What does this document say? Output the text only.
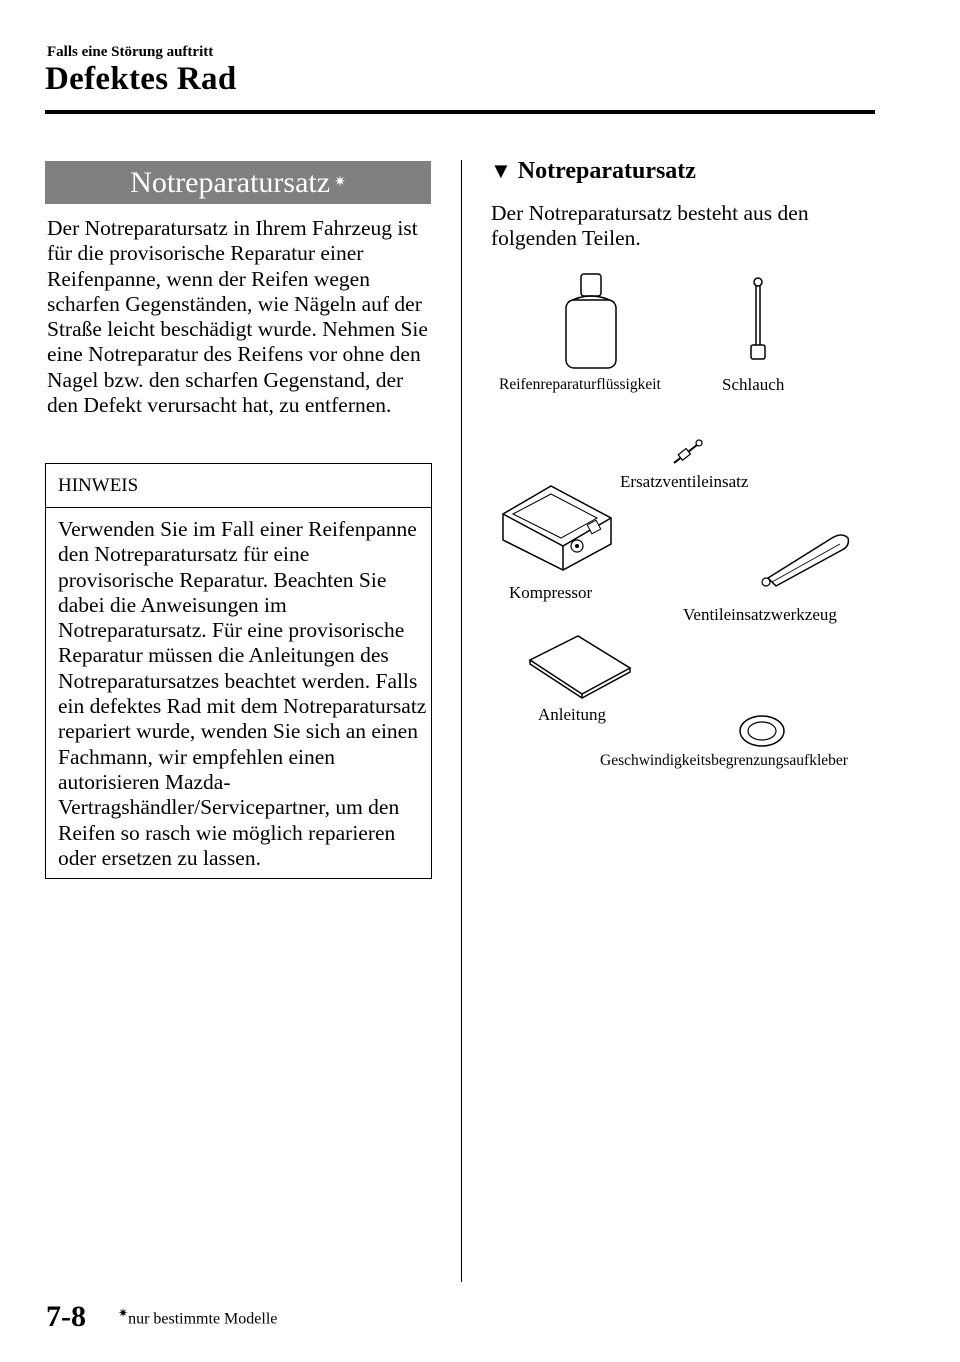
Falls eine Störung auftritt
Defektes Rad
Notreparatursatz ✷
Der Notreparatursatz in Ihrem Fahrzeug ist für die provisorische Reparatur einer Reifenpanne, wenn der Reifen wegen scharfen Gegenständen, wie Nägeln auf der Straße leicht beschädigt wurde. Nehmen Sie eine Notreparatur des Reifens vor ohne den Nagel bzw. den scharfen Gegenstand, der den Defekt verursacht hat, zu entfernen.
HINWEIS
Verwenden Sie im Fall einer Reifenpanne den Notreparatursatz für eine provisorische Reparatur. Beachten Sie dabei die Anweisungen im Notreparatursatz. Für eine provisorische Reparatur müssen die Anleitungen des Notreparatursatzes beachtet werden. Falls ein defektes Rad mit dem Notreparatursatz repariert wurde, wenden Sie sich an einen Fachmann, wir empfehlen einen autorisieren Mazda-Vertragshändler/Servicepartner, um den Reifen so rasch wie möglich reparieren oder ersetzen zu lassen.
▼ Notreparatursatz
Der Notreparatursatz besteht aus den folgenden Teilen.
Reifenreparaturflüssigkeit	Schlauch
Ersatzventileinsatz
Kompressor
Ventileinsatzwerkzeug
Anleitung
Geschwindigkeitsbegrenzungsaufkleber
7-8	✷nur bestimmte Modelle
